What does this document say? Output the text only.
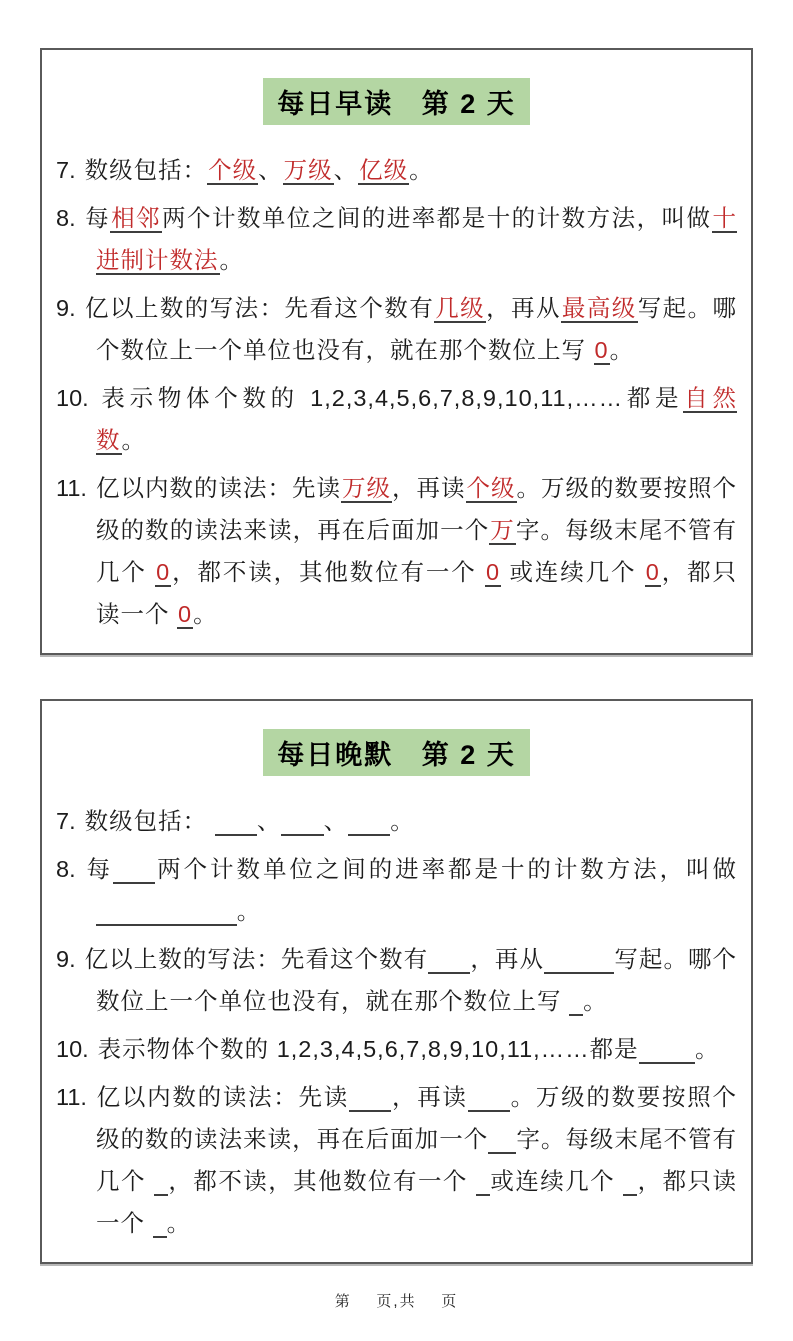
每日早读   第 2 天

7. 数级包括：个级、万级、亿级。

8. 每相邻两个计数单位之间的进率都是十的计数方法，叫做十进制计数法。

9. 亿以上数的写法：先看这个数有几级，再从最高级写起。哪个数位上一个单位也没有，就在那个数位上写 0。

10. 表示物体个数的 1,2,3,4,5,6,7,8,9,10,11,……都是自然数。

11. 亿以内数的读法：先读万级，再读个级。万级的数要按照个级的数的读法来读，再在后面加一个万字。每级末尾不管有几个 0，都不读，其他数位有一个 0 或连续几个 0，都只读一个 0。

每日晚默   第 2 天

7. 数级包括： 、 、 。

8. 每 两个计数单位之间的进率都是十的计数方法，叫做。

9. 亿以上数的写法：先看这个数有 ，再从	写起。哪个数位上一个单位也没有，就在那个数位上写 。

10. 表示物体个数的 1,2,3,4,5,6,7,8,9,10,11,……都是 。

11. 亿以内数的读法：先读 ，再读 。万级的数要按照个级的数的读法来读，再在后面加一个 字。每级末尾不管有几个 ，都不读，其他数位有一个 或连续几个 ，都只读一个 。

第    页,共    页
